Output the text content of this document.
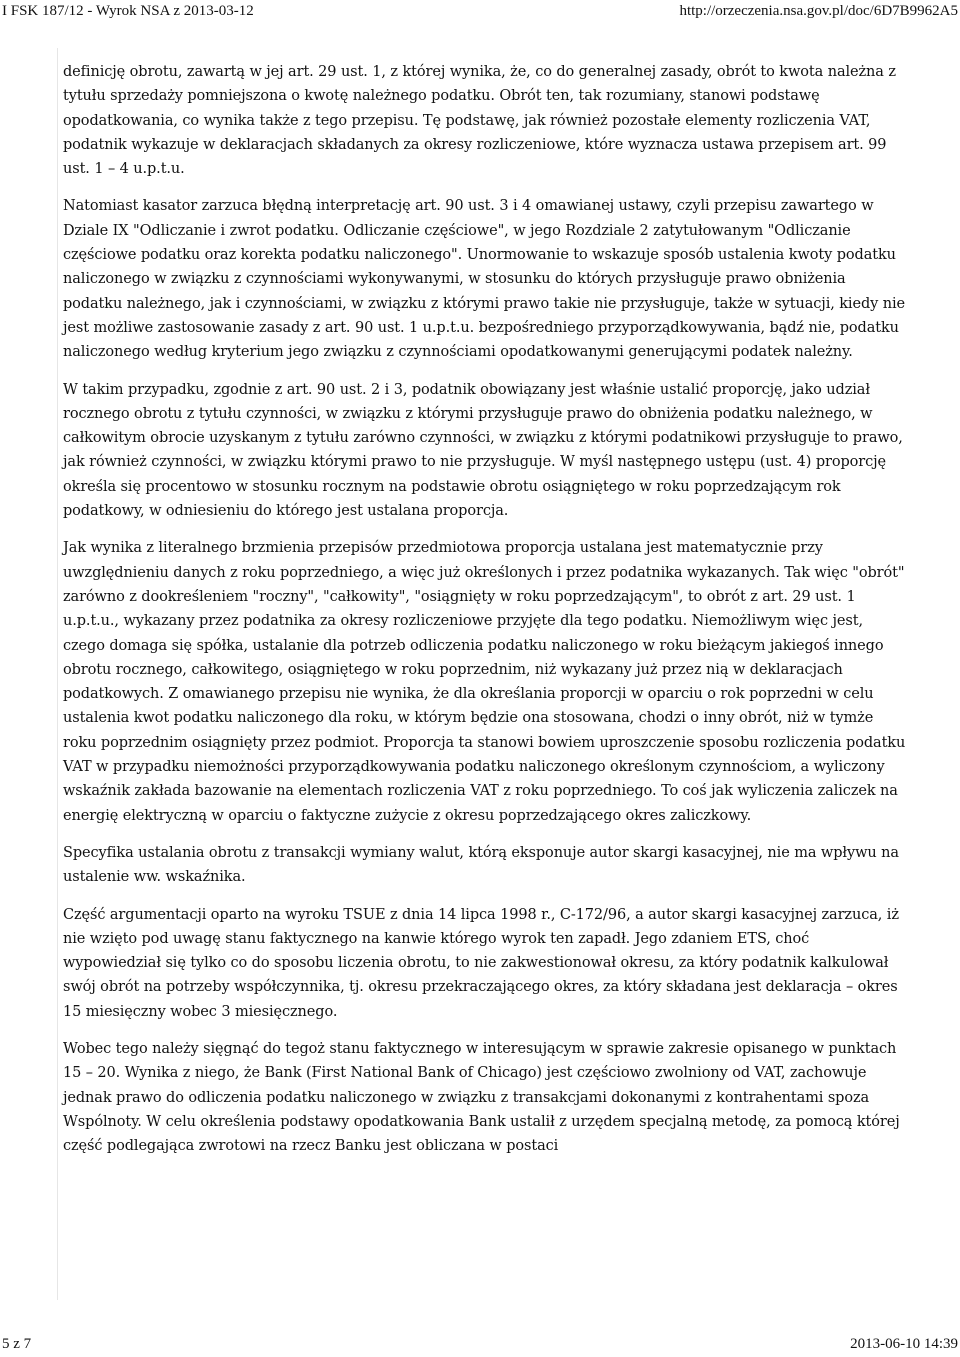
I FSK 187/12 - Wyrok NSA z 2013-03-12	http://orzeczenia.nsa.gov.pl/doc/6D7B9962A5

definicję obrotu, zawartą w jej art. 29 ust. 1, z której wynika, że, co do generalnej zasady, obrót to kwota należna z tytułu sprzedaży pomniejszona o kwotę należnego podatku. Obrót ten, tak rozumiany, stanowi podstawę opodatkowania, co wynika także z tego przepisu. Tę podstawę, jak również pozostałe elementy rozliczenia VAT, podatnik wykazuje w deklaracjach składanych za okresy rozliczeniowe, które wyznacza ustawa przepisem art. 99 ust. 1 – 4 u.p.t.u.

Natomiast kasator zarzuca błędną interpretację art. 90 ust. 3 i 4 omawianej ustawy, czyli przepisu zawartego w Dziale IX "Odliczanie i zwrot podatku. Odliczanie częściowe", w jego Rozdziale 2 zatytułowanym "Odliczanie częściowe podatku oraz korekta podatku naliczonego". Unormowanie to wskazuje sposób ustalenia kwoty podatku naliczonego w związku z czynnościami wykonywanymi, w stosunku do których przysługuje prawo obniżenia podatku należnego, jak i czynnościami, w związku z którymi prawo takie nie przysługuje, także w sytuacji, kiedy nie jest możliwe zastosowanie zasady z art. 90 ust. 1 u.p.t.u. bezpośredniego przyporządkowywania, bądź nie, podatku naliczonego według kryterium jego związku z czynnościami opodatkowanymi generującymi podatek należny.

W takim przypadku, zgodnie z art. 90 ust. 2 i 3, podatnik obowiązany jest właśnie ustalić proporcję, jako udział rocznego obrotu z tytułu czynności, w związku z którymi przysługuje prawo do obniżenia podatku należnego, w całkowitym obrocie uzyskanym z tytułu zarówno czynności, w związku z którymi podatnikowi przysługuje to prawo, jak również czynności, w związku którymi prawo to nie przysługuje. W myśl następnego ustępu (ust. 4) proporcję określa się procentowo w stosunku rocznym na podstawie obrotu osiągniętego w roku poprzedzającym rok podatkowy, w odniesieniu do którego jest ustalana proporcja.

Jak wynika z literalnego brzmienia przepisów przedmiotowa proporcja ustalana jest matematycznie przy uwzględnieniu danych z roku poprzedniego, a więc już określonych i przez podatnika wykazanych. Tak więc "obrót" zarówno z dookreśleniem "roczny", "całkowity", "osiągnięty w roku poprzedzającym", to obrót z art. 29 ust. 1 u.p.t.u., wykazany przez podatnika za okresy rozliczeniowe przyjęte dla tego podatku. Niemożliwym więc jest, czego domaga się spółka, ustalanie dla potrzeb odliczenia podatku naliczonego w roku bieżącym jakiegoś innego obrotu rocznego, całkowitego, osiągniętego w roku poprzednim, niż wykazany już przez nią w deklaracjach podatkowych. Z omawianego przepisu nie wynika, że dla określania proporcji w oparciu o rok poprzedni w celu ustalenia kwot podatku naliczonego dla roku, w którym będzie ona stosowana, chodzi o inny obrót, niż w tymże roku poprzednim osiągnięty przez podmiot. Proporcja ta stanowi bowiem uproszczenie sposobu rozliczenia podatku VAT w przypadku niemożności przyporządkowywania podatku naliczonego określonym czynnościom, a wyliczony wskaźnik zakłada bazowanie na elementach rozliczenia VAT z roku poprzedniego. To coś jak wyliczenia zaliczek na energię elektryczną w oparciu o faktyczne zużycie z okresu poprzedzającego okres zaliczkowy.

Specyfika ustalania obrotu z transakcji wymiany walut, którą eksponuje autor skargi kasacyjnej, nie ma wpływu na ustalenie ww. wskaźnika.

Część argumentacji oparto na wyroku TSUE z dnia 14 lipca 1998 r., C-172/96, a autor skargi kasacyjnej zarzuca, iż nie wzięto pod uwagę stanu faktycznego na kanwie którego wyrok ten zapadł. Jego zdaniem ETS, choć wypowiedział się tylko co do sposobu liczenia obrotu, to nie zakwestionował okresu, za który podatnik kalkulował swój obrót na potrzeby współczynnika, tj. okresu przekraczającego okres, za który składana jest deklaracja – okres 15 miesięczny wobec 3 miesięcznego.

Wobec tego należy sięgnąć do tegoż stanu faktycznego w interesującym w sprawie zakresie opisanego w punktach 15 – 20. Wynika z niego, że Bank (First National Bank of Chicago) jest częściowo zwolniony od VAT, zachowuje jednak prawo do odliczenia podatku naliczonego w związku z transakcjami dokonanymi z kontrahentami spoza Wspólnoty. W celu określenia podstawy opodatkowania Bank ustalił z urzędem specjalną metodę, za pomocą której część podlegająca zwrotowi na rzecz Banku jest obliczana w postaci

5 z 7	2013-06-10 14:39
